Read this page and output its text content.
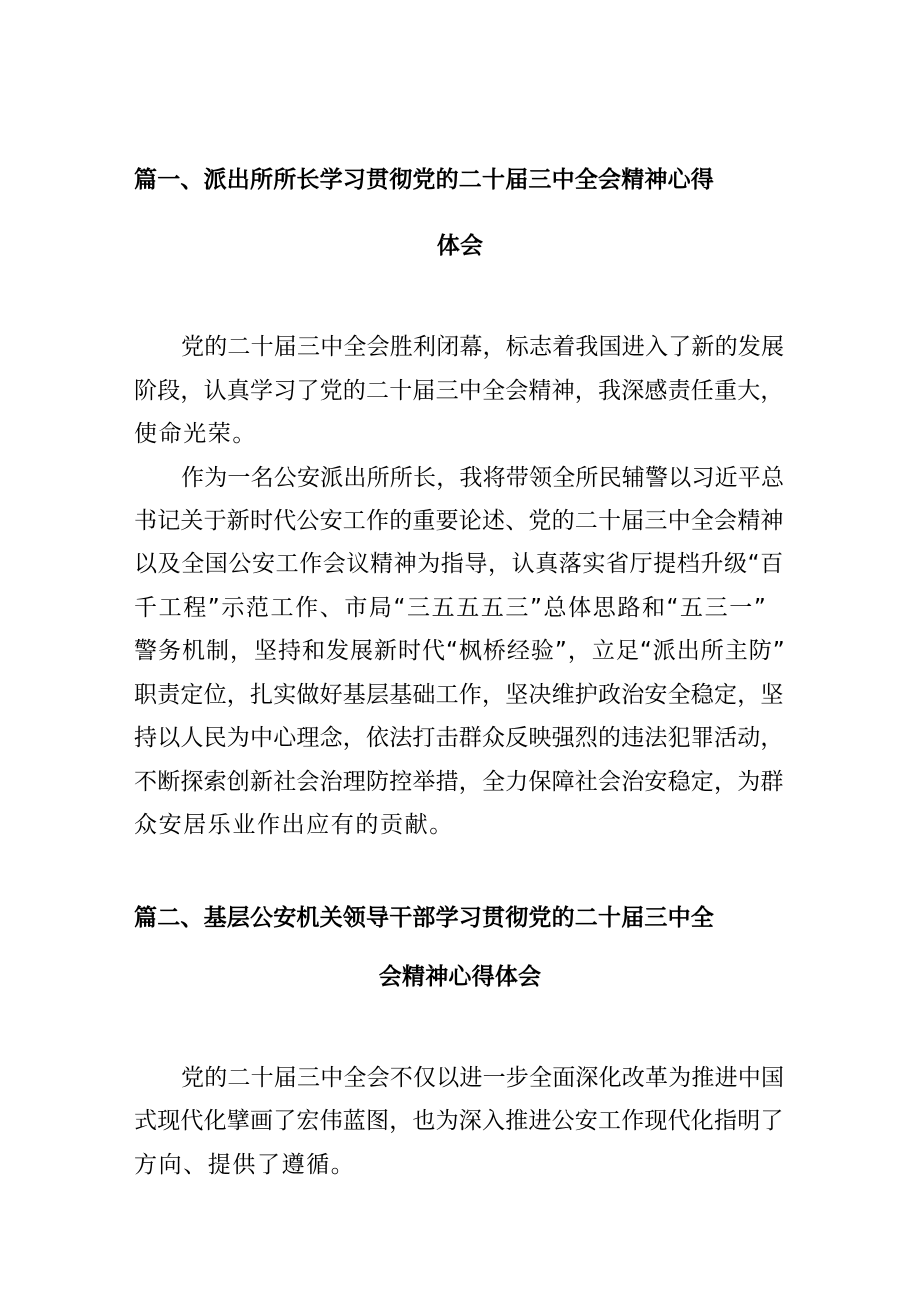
篇一、派出所所长学习贯彻党的二十届三中全会精神心得
体会
党的二十届三中全会胜利闭幕，标志着我国进入了新的发展
阶段，认真学习了党的二十届三中全会精神，我深感责任重大，
使命光荣。
作为一名公安派出所所长，我将带领全所民辅警以习近平总
书记关于新时代公安工作的重要论述、党的二十届三中全会精神
以及全国公安工作会议精神为指导，认真落实省厅提档升级“百
千工程”示范工作、市局“三五五五三”总体思路和“五三一”
警务机制，坚持和发展新时代“枫桥经验”，立足“派出所主防”
职责定位，扎实做好基层基础工作，坚决维护政治安全稳定，坚
持以人民为中心理念，依法打击群众反映强烈的违法犯罪活动，
不断探索创新社会治理防控举措，全力保障社会治安稳定，为群
众安居乐业作出应有的贡献。
篇二、基层公安机关领导干部学习贯彻党的二十届三中全
会精神心得体会
党的二十届三中全会不仅以进一步全面深化改革为推进中国
式现代化擘画了宏伟蓝图，也为深入推进公安工作现代化指明了
方向、提供了遵循。
